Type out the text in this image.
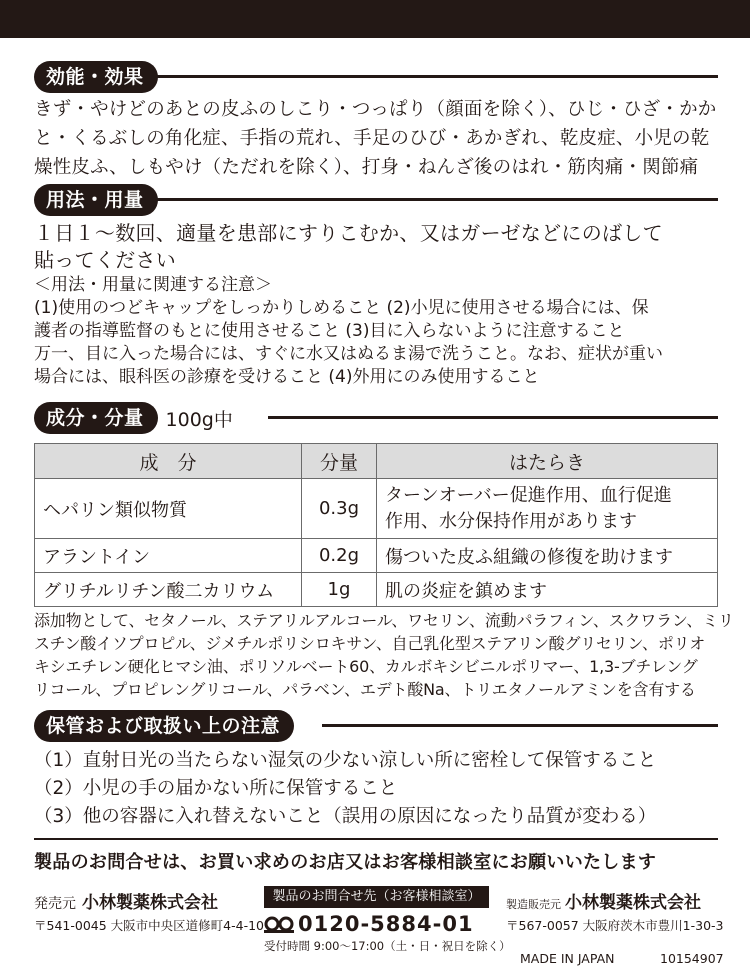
効能・効果
きず・やけどのあとの皮ふのしこり・つっぱり（顔面を除く）、ひじ・ひざ・かか
と・くるぶしの角化症、手指の荒れ、手足のひび・あかぎれ、乾皮症、小児の乾
燥性皮ふ、しもやけ（ただれを除く）、打身・ねんざ後のはれ・筋肉痛・関節痛
用法・用量
１日１～数回、適量を患部にすりこむか、又はガーゼなどにのばして
貼ってください
＜用法・用量に関連する注意＞
(1)使用のつどキャップをしっかりしめること (2)小児に使用させる場合には、保
護者の指導監督のもとに使用させること (3)目に入らないように注意すること
万一、目に入った場合には、すぐに水又はぬるま湯で洗うこと。なお、症状が重い
場合には、眼科医の診療を受けること (4)外用にのみ使用すること
成分・分量	100g中
成　分	分量	はたらき
ヘパリン類似物質	0.3g	ターンオーバー促進作用、血行促進
作用、水分保持作用があります

アラントイン	0.2g	傷ついた皮ふ組織の修復を助けます
グリチルリチン酸二カリウム	1g	肌の炎症を鎮めます
添加物として、セタノール、ステアリルアルコール、ワセリン、流動パラフィン、スクワラン、ミリ
スチン酸イソプロピル、ジメチルポリシロキサン、自己乳化型ステアリン酸グリセリン、ポリオ
キシエチレン硬化ヒマシ油、ポリソルベート60、カルボキシビニルポリマー、1,3-ブチレング
リコール、プロピレングリコール、パラベン、エデト酸Na、トリエタノールアミンを含有する
保管および取扱い上の注意
（1）直射日光の当たらない湿気の少ない涼しい所に密栓して保管すること
（2）小児の手の届かない所に保管すること
（3）他の容器に入れ替えないこと（誤用の原因になったり品質が変わる）
製品のお問合せは、お買い求めのお店又はお客様相談室にお願いいたします
発売元 小林製薬株式会社
〒541-0045 大阪市中央区道修町4-4-10
製品のお問合せ先（お客様相談室）
0120-5884-01
受付時間 9:00～17:00（土・日・祝日を除く）
製造販売元 小林製薬株式会社
〒567-0057 大阪府茨木市豊川1-30-3
MADE IN JAPAN	10154907
